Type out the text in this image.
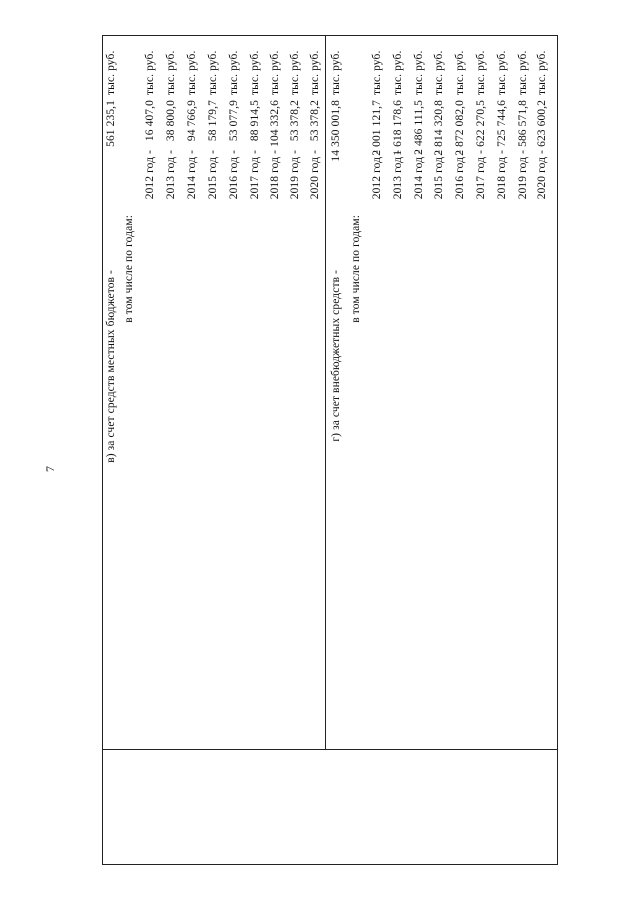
в) за счет средств местных бюджетов -
561 235,1
тыс. руб.
в том числе по годам:
2012 год -
16 407,0
тыс. руб.
2013 год -
38 800,0
тыс. руб.
2014 год -
94 766,9
тыс. руб.
2015 год -
58 179,7
тыс. руб.
2016 год -
53 077,9
тыс. руб.
2017 год -
88 914,5
тыс. руб.
2018 год -
104 332,6
тыс. руб.
2019 год -
53 378,2
тыс. руб.
2020 год -
53 378,2
тыс. руб.
г) за счет внебюджетных средств -
14 350 001,8
тыс. руб.
в том числе по годам:
2012 год -
2 001 121,7
тыс. руб.
2013 год -
1 618 178,6
тыс. руб.
2014 год -
2 486 111,5
тыс. руб.
2015 год -
2 814 320,8
тыс. руб.
2016 год -
2 872 082,0
тыс. руб.
2017 год -
622 270,5
тыс. руб.
2018 год -
725 744,6
тыс. руб.
2019 год -
586 571,8
тыс. руб.
2020 год -
623 600,2
тыс. руб.
7
